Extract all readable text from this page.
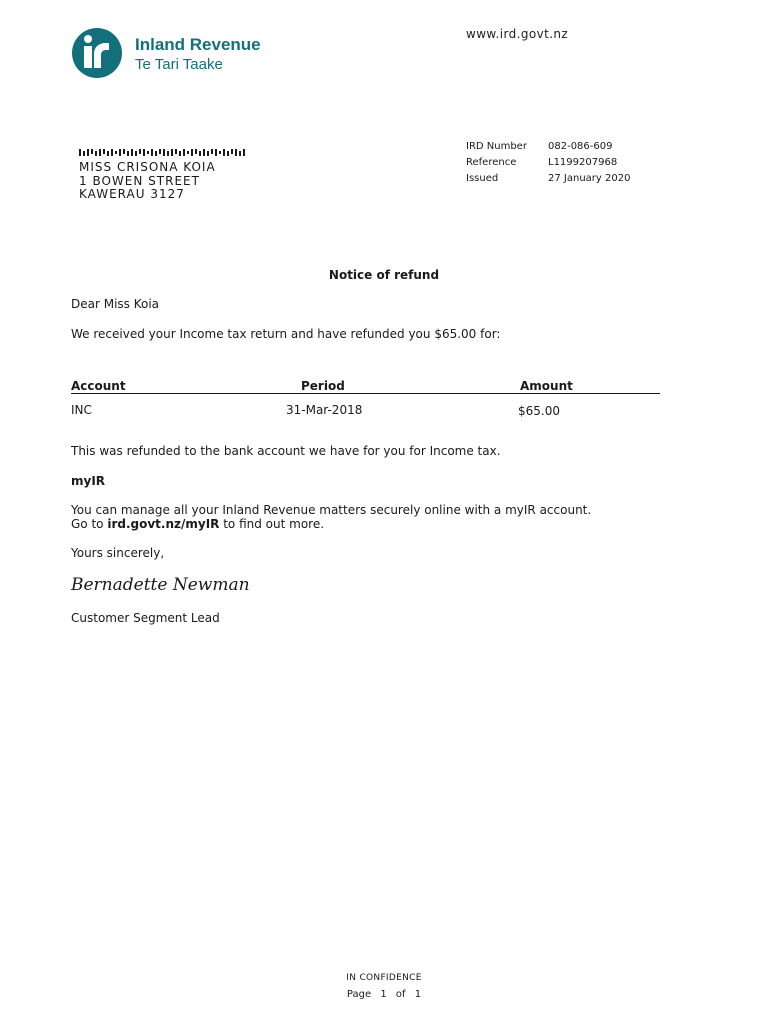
Inland Revenue
Te Tari Taake
www.ird.govt.nz
MISS CRISONA KOIA
1 BOWEN STREET
KAWERAU 3127
IRD Number	082-086-609
Reference	L1199207968
Issued	27 January 2020
Notice of refund
Dear Miss Koia
We received your Income tax return and have refunded you $65.00 for:
Account	Period	Amount
INC	31-Mar-2018	$65.00
This was refunded to the bank account we have for you for Income tax.
myIR
You can manage all your Inland Revenue matters securely online with a myIR account.
Go to ird.govt.nz/myIR to find out more.
Yours sincerely,
Bernadette Newman
Customer Segment Lead
IN CONFIDENCE
Page 1 of 1
